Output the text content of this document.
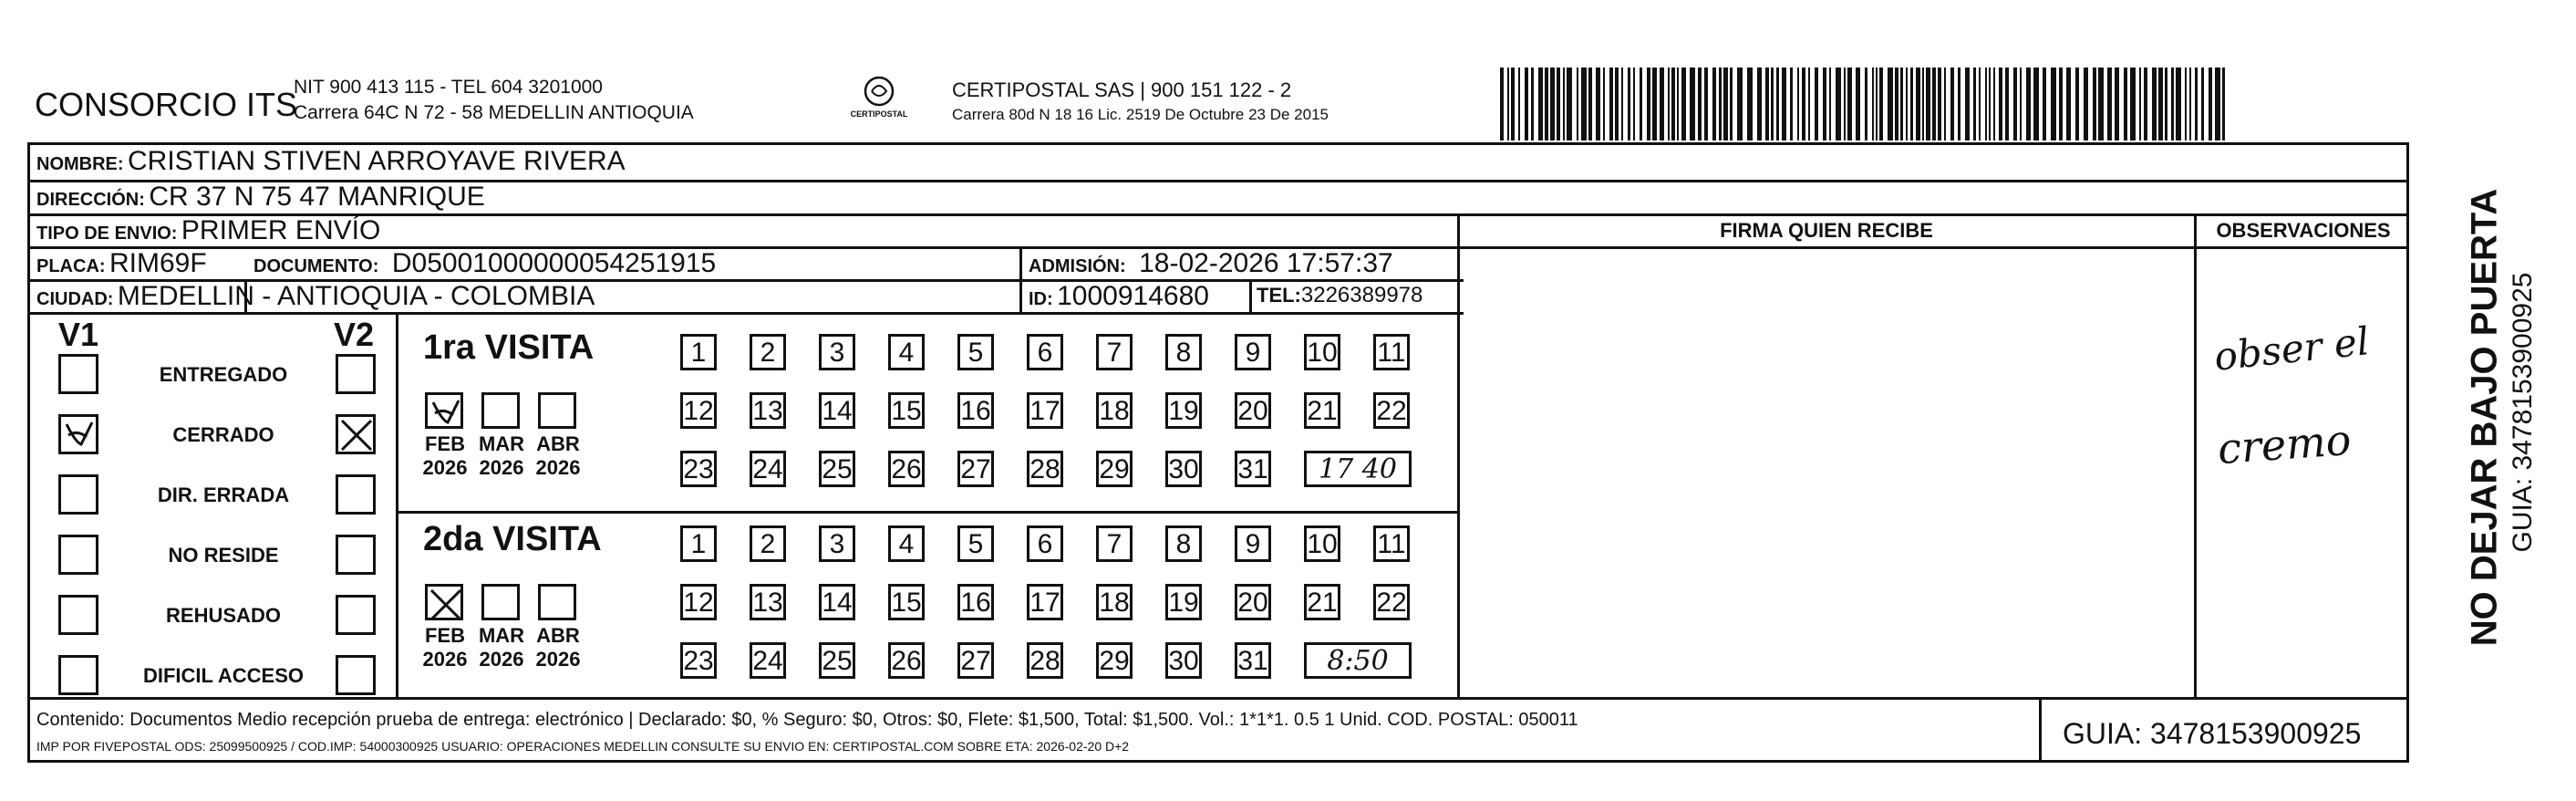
CONSORCIO ITS
NIT 900 413 115 - TEL 604 3201000
Carrera 64C N 72 - 58 MEDELLIN ANTIOQUIA	CERTIPOSTAL
CERTIPOSTAL SAS | 900 151 122 - 2
Carrera 80d N 18 16 Lic. 2519 De Octubre 23 De 2015
NOMBRE: CRISTIAN STIVEN ARROYAVE RIVERA
DIRECCIÓN: CR 37 N 75 47 MANRIQUE
TIPO DE ENVIO: PRIMER ENVÍO
PLACA: RIM69F	DOCUMENTO: D05001000000054251915	ADMISIÓN: 18-02-2026 17:57:37
CIUDAD: MEDELLIN - ANTIOQUIA - COLOMBIA	ID: 1000914680 TEL:3226389978
FIRMA QUIEN RECIBE	OBSERVACIONES
V1	V2
ENTREGADO
CERRADO
DIR. ERRADA
NO RESIDE
REHUSADO
DIFICIL ACCESO
1ra VISITA
2da VISITA
FEB
2026
MAR
2026
ABR
2026
1	2	3	4	5	6	7	8	9	10 11
12 13 14 15 16 17 18 19 20 21 22
23 24 25 26 27 28 29 30 31	17 40
FEB
2026
MAR
2026
ABR
2026
1	2	3	4	5	6	7	8	9	10 11
12 13 14 15 16 17 18 19 20 21 22
23 24 25 26 27 28 29 30 31	8:50
obser el
cremo
Contenido: Documentos Medio recepción prueba de entrega: electrónico | Declarado: $0, % Seguro: $0, Otros: $0, Flete: $1,500, Total: $1,500. Vol.: 1*1*1. 0.5 1 Unid. COD. POSTAL: 050011
IMP POR FIVEPOSTAL ODS: 25099500925 / COD.IMP: 54000300925 USUARIO: OPERACIONES MEDELLIN CONSULTE SU ENVIO EN: CERTIPOSTAL.COM SOBRE ETA: 2026-02-20 D+2	GUIA: 3478153900925
NO DEJAR BAJO PUERTA GUIA: 3478153900925
